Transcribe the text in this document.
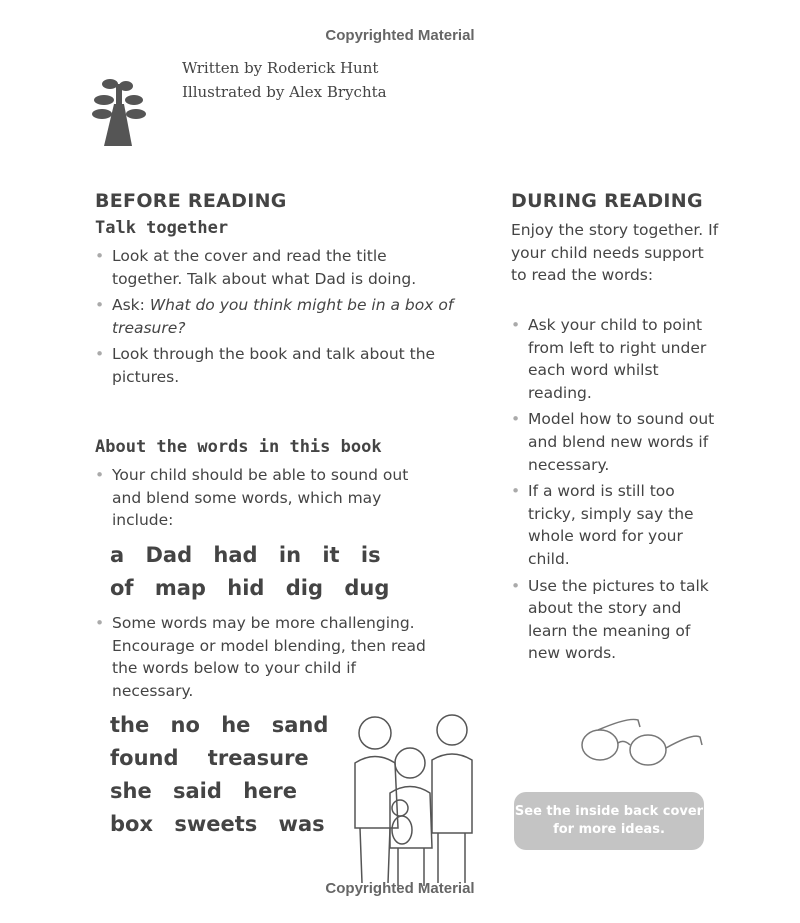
Copyrighted Material
Written by Roderick Hunt
Illustrated by Alex Brychta
BEFORE READING
Talk together
• Look at the cover and read the title together. Talk about what Dad is doing.
• Ask: What do you think might be in a box of treasure?
• Look through the book and talk about the pictures.
About the words in this book
• Your child should be able to sound out and blend some words, which may include:
a Dad had in it is
of map hid dig dug
• Some words may be more challenging. Encourage or model blending, then read the words below to your child if necessary.
the no he sand
found treasure
she said here
box sweets was
DURING READING
Enjoy the story together. If your child needs support to read the words:
• Ask your child to point from left to right under each word whilst reading.
• Model how to sound out and blend new words if necessary.
• If a word is still too tricky, simply say the whole word for your child.
• Use the pictures to talk about the story and learn the meaning of new words.
See the inside back cover for more ideas.
Copyrighted Material
